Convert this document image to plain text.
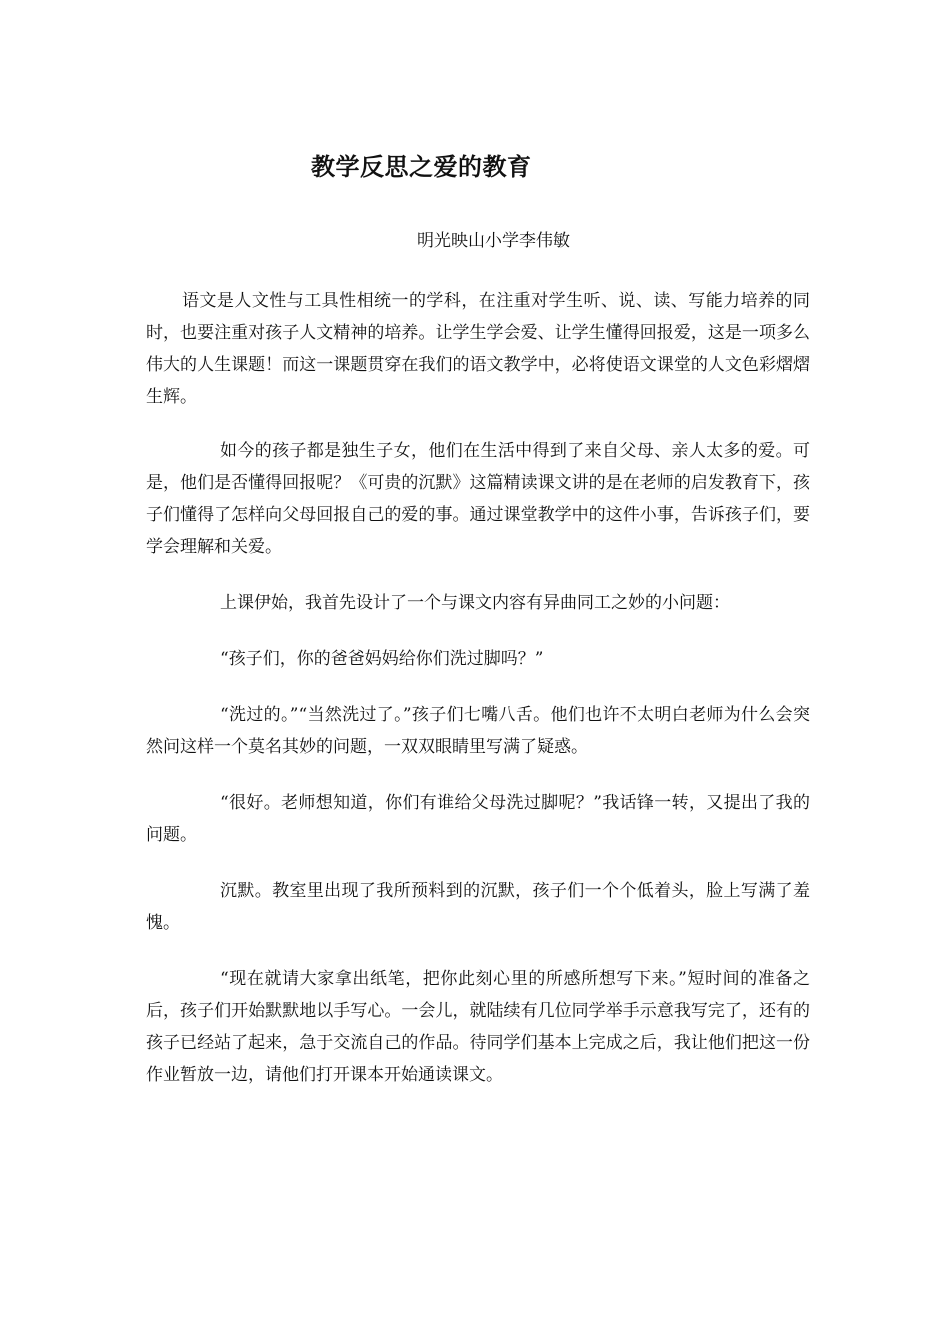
教学反思之爱的教育

明光映山小学李伟敏

语文是人文性与工具性相统一的学科，在注重对学生听、说、读、写能力培养的同时，也要注重对孩子人文精神的培养。让学生学会爱、让学生懂得回报爱，这是一项多么伟大的人生课题！而这一课题贯穿在我们的语文教学中，必将使语文课堂的人文色彩熠熠生辉。

如今的孩子都是独生子女，他们在生活中得到了来自父母、亲人太多的爱。可是，他们是否懂得回报呢？《可贵的沉默》这篇精读课文讲的是在老师的启发教育下，孩子们懂得了怎样向父母回报自己的爱的事。通过课堂教学中的这件小事，告诉孩子们，要学会理解和关爱。

上课伊始，我首先设计了一个与课文内容有异曲同工之妙的小问题：

“孩子们，你的爸爸妈妈给你们洗过脚吗？”

“洗过的。”“当然洗过了。”孩子们七嘴八舌。他们也许不太明白老师为什么会突然问这样一个莫名其妙的问题，一双双眼睛里写满了疑惑。

“很好。老师想知道，你们有谁给父母洗过脚呢？”我话锋一转，又提出了我的问题。

沉默。教室里出现了我所预料到的沉默，孩子们一个个低着头，脸上写满了羞愧。

“现在就请大家拿出纸笔，把你此刻心里的所感所想写下来。”短时间的准备之后，孩子们开始默默地以手写心。一会儿，就陆续有几位同学举手示意我写完了，还有的孩子已经站了起来，急于交流自己的作品。待同学们基本上完成之后，我让他们把这一份作业暂放一边，请他们打开课本开始通读课文。
